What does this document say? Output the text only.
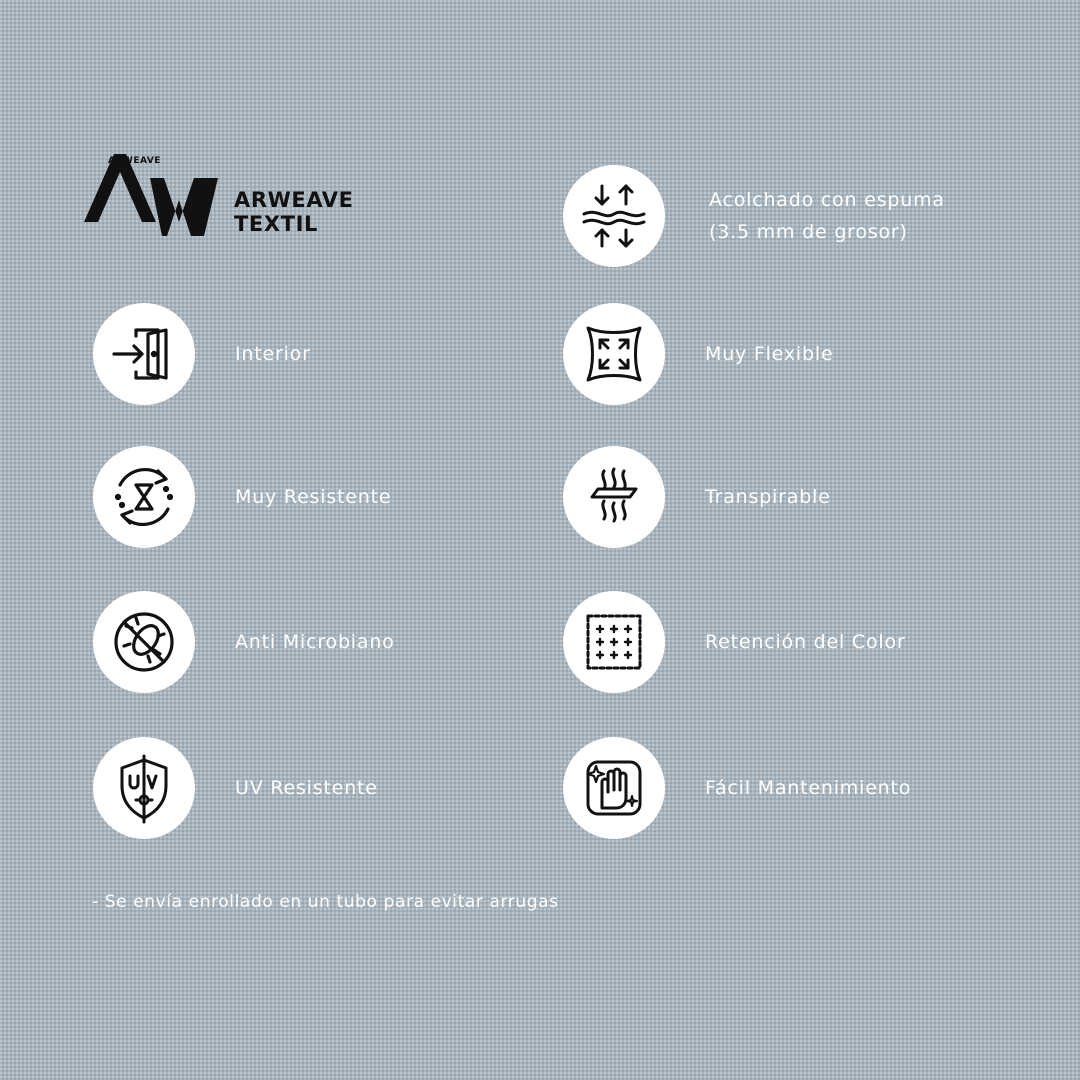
ARWEAVE
ARWEAVE TEXTIL
Interior
Muy Resistente
Anti Microbiano
UV Resistente
Acolchado con espuma
(3.5 mm de grosor)
Muy Flexible
Transpirable
Retención del Color
Fácil Mantenimiento
- Se envía enrollado en un tubo para evitar arrugas
